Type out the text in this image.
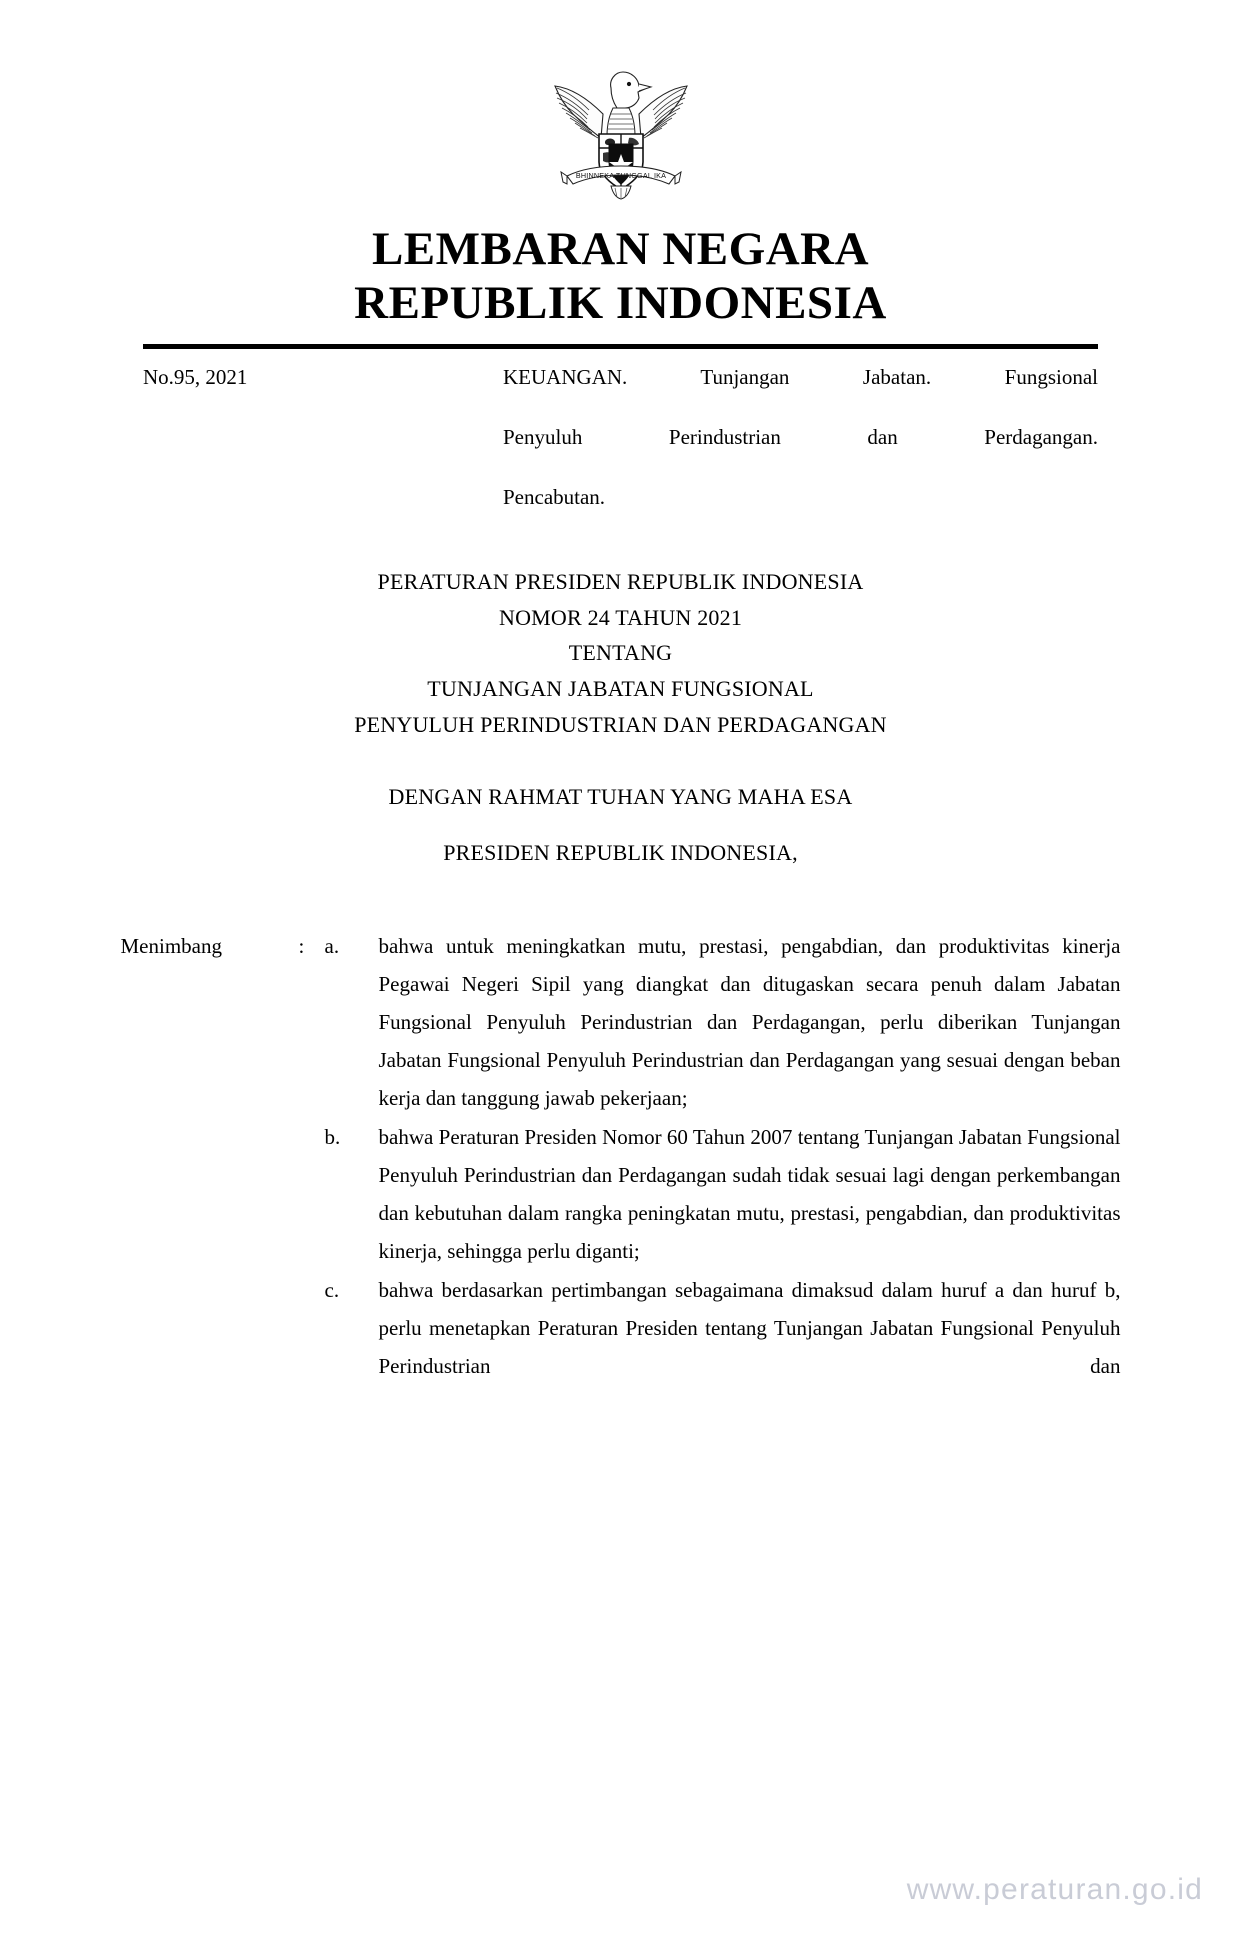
BHINNEKA TUNGGAL IKA
LEMBARAN NEGARA
REPUBLIK INDONESIA
No.95, 2021	KEUANGAN. Tunjangan Jabatan. Fungsional
Penyuluh Perindustrian dan Perdagangan.
Pencabutan.
PERATURAN PRESIDEN REPUBLIK INDONESIA
NOMOR 24 TAHUN 2021
TENTANG
TUNJANGAN JABATAN FUNGSIONAL
PENYULUH PERINDUSTRIAN DAN PERDAGANGAN
DENGAN RAHMAT TUHAN YANG MAHA ESA
PRESIDEN REPUBLIK INDONESIA,
Menimbang	: a.	bahwa untuk meningkatkan mutu, prestasi, pengabdian, dan produktivitas kinerja Pegawai Negeri Sipil yang diangkat dan ditugaskan secara penuh dalam Jabatan Fungsional Penyuluh Perindustrian dan Perdagangan, perlu diberikan Tunjangan Jabatan Fungsional Penyuluh Perindustrian dan Perdagangan yang sesuai dengan beban kerja dan tanggung jawab pekerjaan;
b.	bahwa Peraturan Presiden Nomor 60 Tahun 2007 tentang Tunjangan Jabatan Fungsional Penyuluh Perindustrian dan Perdagangan sudah tidak sesuai lagi dengan perkembangan dan kebutuhan dalam rangka peningkatan mutu, prestasi, pengabdian, dan produktivitas kinerja, sehingga perlu diganti;
c.	bahwa berdasarkan pertimbangan sebagaimana dimaksud dalam huruf a dan huruf b, perlu menetapkan Peraturan Presiden tentang Tunjangan Jabatan Fungsional Penyuluh Perindustrian dan
www.peraturan.go.id
